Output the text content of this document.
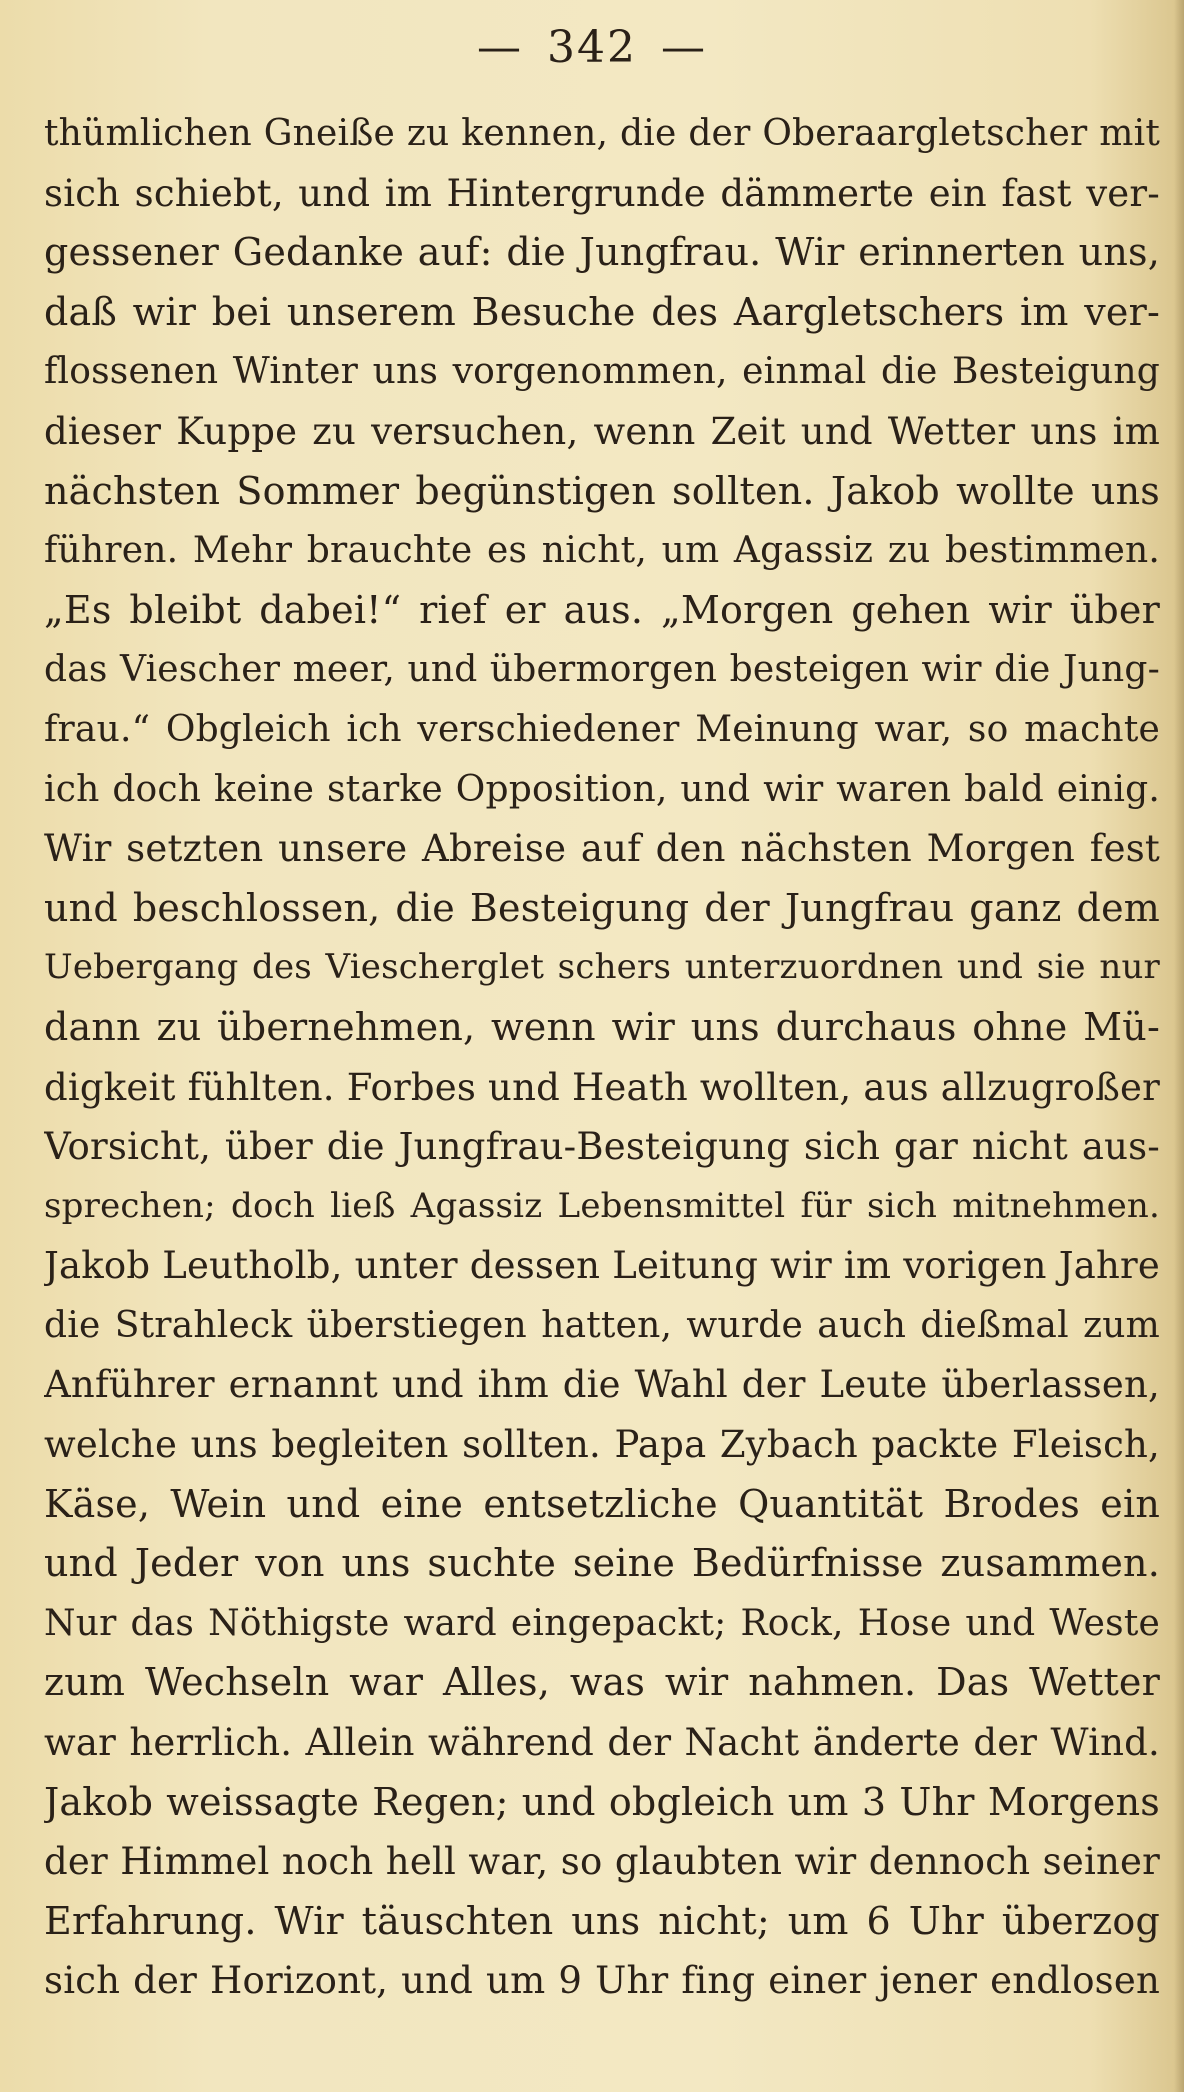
— 342 —
thümlichen Gneiße zu kennen, die der Oberaargletscher mit
sich schiebt, und im Hintergrunde dämmerte ein fast ver-
gessener Gedanke auf: die Jungfrau. Wir erinnerten uns,
daß wir bei unserem Besuche des Aargletschers im ver-
flossenen Winter uns vorgenommen, einmal die Besteigung
dieser Kuppe zu versuchen, wenn Zeit und Wetter uns im
nächsten Sommer begünstigen sollten. Jakob wollte uns
führen. Mehr brauchte es nicht, um Agassiz zu bestimmen.
„Es bleibt dabei!“ rief er aus. „Morgen gehen wir über
das Viescher meer, und übermorgen besteigen wir die Jung-
frau.“ Obgleich ich verschiedener Meinung war, so machte
ich doch keine starke Opposition, und wir waren bald einig.
Wir setzten unsere Abreise auf den nächsten Morgen fest
und beschlossen, die Besteigung der Jungfrau ganz dem
Uebergang des Viescherglet schers unterzuordnen und sie nur
dann zu übernehmen, wenn wir uns durchaus ohne Mü-
digkeit fühlten. Forbes und Heath wollten, aus allzugroßer
Vorsicht, über die Jungfrau-Besteigung sich gar nicht aus-
sprechen; doch ließ Agassiz Lebensmittel für sich mitnehmen.
Jakob Leutholb, unter dessen Leitung wir im vorigen Jahre
die Strahleck überstiegen hatten, wurde auch dießmal zum
Anführer ernannt und ihm die Wahl der Leute überlassen,
welche uns begleiten sollten. Papa Zybach packte Fleisch,
Käse, Wein und eine entsetzliche Quantität Brodes ein
und Jeder von uns suchte seine Bedürfnisse zusammen.
Nur das Nöthigste ward eingepackt; Rock, Hose und Weste
zum Wechseln war Alles, was wir nahmen. Das Wetter
war herrlich. Allein während der Nacht änderte der Wind.
Jakob weissagte Regen; und obgleich um 3 Uhr Morgens
der Himmel noch hell war, so glaubten wir dennoch seiner
Erfahrung. Wir täuschten uns nicht; um 6 Uhr überzog
sich der Horizont, und um 9 Uhr fing einer jener endlosen
